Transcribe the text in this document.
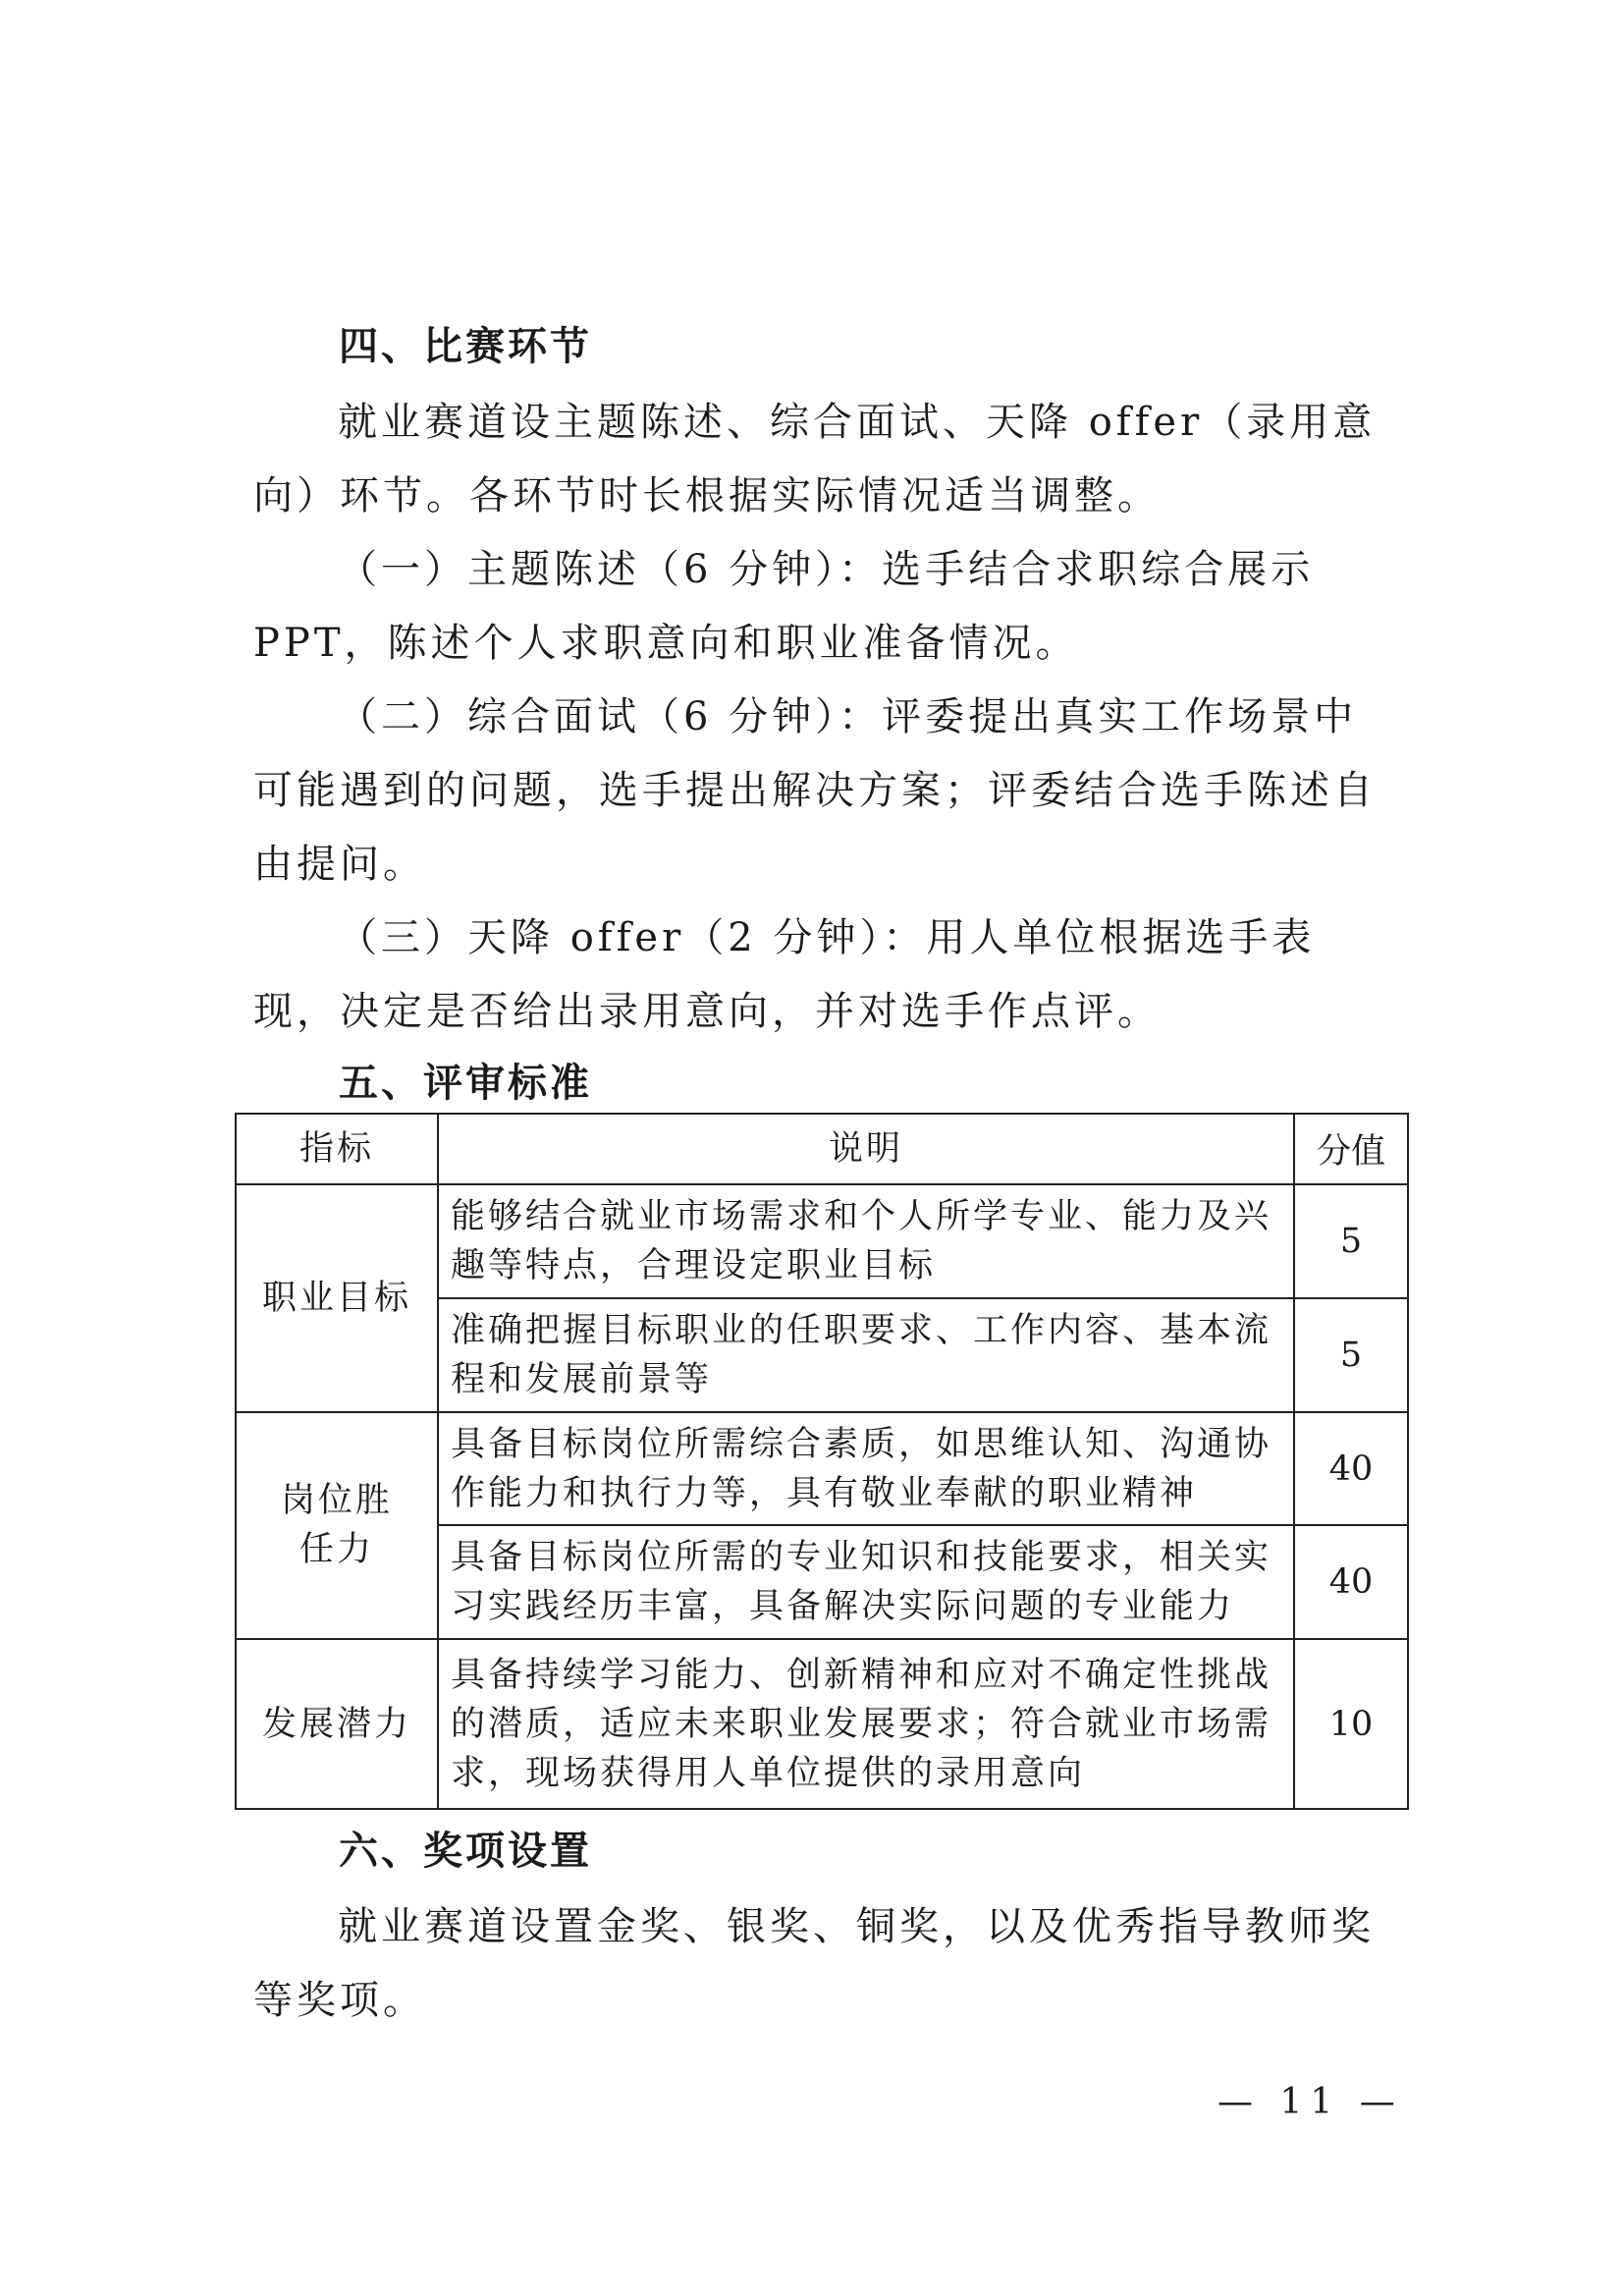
四、比赛环节

就业赛道设主题陈述、综合面试、天降 offer（录用意向）环节。各环节时长根据实际情况适当调整。

（一）主题陈述（6 分钟）：选手结合求职综合展示 PPT，陈述个人求职意向和职业准备情况。

（二）综合面试（6 分钟）：评委提出真实工作场景中可能遇到的问题，选手提出解决方案；评委结合选手陈述自由提问。

（三）天降 offer（2 分钟）：用人单位根据选手表现，决定是否给出录用意向，并对选手作点评。

五、评审标准
指标	说明	分值
职业目标	能够结合就业市场需求和个人所学专业、能力及兴趣等特点，合理设定职业目标	5
	准确把握目标职业的任职要求、工作内容、基本流程和发展前景等	5
岗位胜任力	具备目标岗位所需综合素质，如思维认知、沟通协作能力和执行力等，具有敬业奉献的职业精神	40
	具备目标岗位所需的专业知识和技能要求，相关实习实践经历丰富，具备解决实际问题的专业能力	40
发展潜力	具备持续学习能力、创新精神和应对不确定性挑战的潜质，适应未来职业发展要求；符合就业市场需求，现场获得用人单位提供的录用意向	10
六、奖项设置

就业赛道设置金奖、银奖、铜奖，以及优秀指导教师奖等奖项。

— 11 —
